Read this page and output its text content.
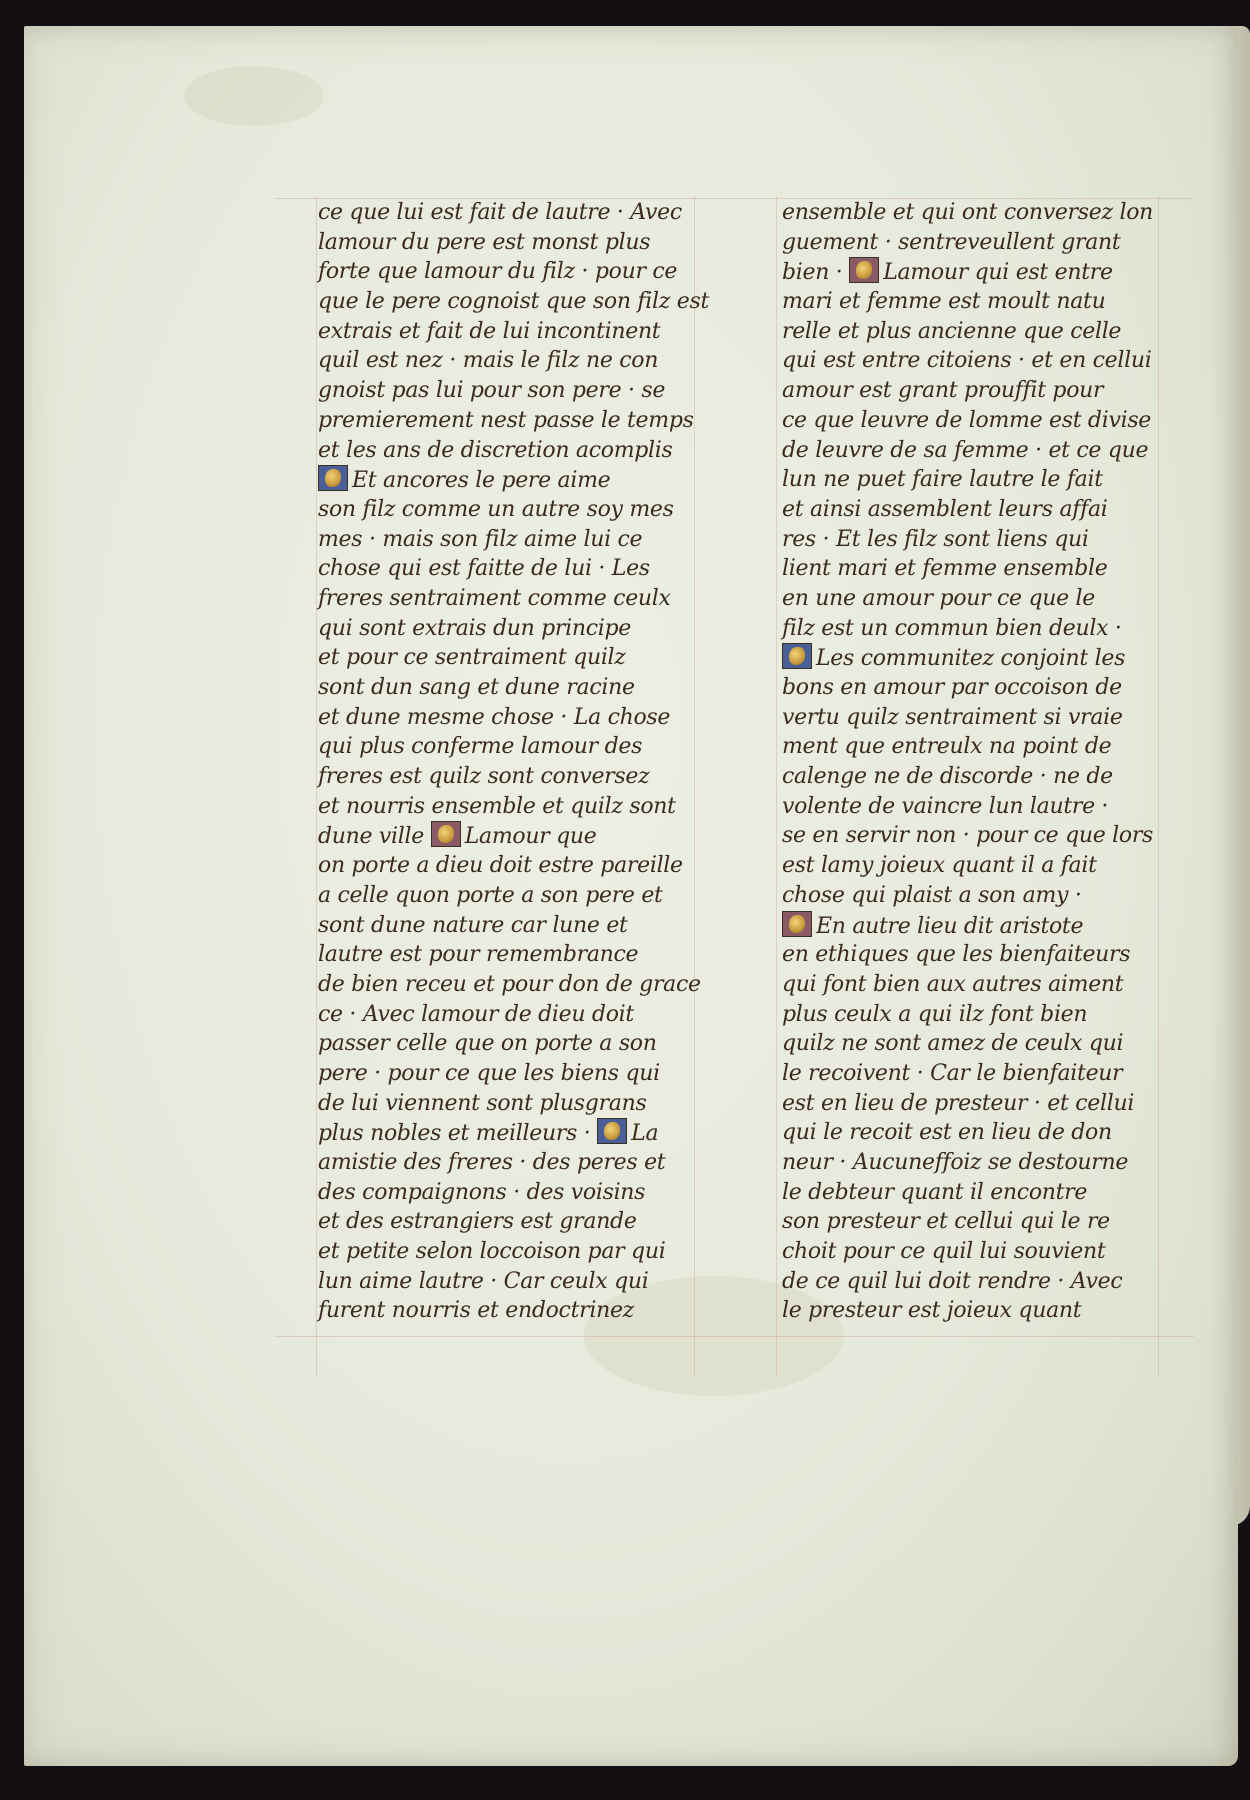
ce que lui est fait de lautre · Avec
lamour du pere est monst plus
forte que lamour du filz · pour ce
que le pere cognoist que son filz est
extrais et fait de lui incontinent
quil est nez · mais le filz ne con
gnoist pas lui pour son pere · se
premierement nest passe le temps
et les ans de discretion acomplis
Et ancores le pere aime
son filz comme un autre soy mes
mes · mais son filz aime lui ce
chose qui est faitte de lui · Les
freres sentraiment comme ceulx
qui sont extrais dun principe
et pour ce sentraiment quilz
sont dun sang et dune racine
et dune mesme chose · La chose
qui plus conferme lamour des
freres est quilz sont conversez
et nourris ensemble et quilz sont
dune ville Lamour que
on porte a dieu doit estre pareille
a celle quon porte a son pere et
sont dune nature car lune et
lautre est pour remembrance
de bien receu et pour don de grace
ce · Avec lamour de dieu doit
passer celle que on porte a son
pere · pour ce que les biens qui
de lui viennent sont plusgrans
plus nobles et meilleurs · La
amistie des freres · des peres et
des compaignons · des voisins
et des estrangiers est grande
et petite selon loccoison par qui
lun aime lautre · Car ceulx qui
furent nourris et endoctrinez
ensemble et qui ont conversez lon
guement · sentreveullent grant
bien · Lamour qui est entre
mari et femme est moult natu
relle et plus ancienne que celle
qui est entre citoiens · et en cellui
amour est grant prouffit pour
ce que leuvre de lomme est divise
de leuvre de sa femme · et ce que
lun ne puet faire lautre le fait
et ainsi assemblent leurs affai
res · Et les filz sont liens qui
lient mari et femme ensemble
en une amour pour ce que le
filz est un commun bien deulx ·
Les communitez conjoint les
bons en amour par occoison de
vertu quilz sentraiment si vraie
ment que entreulx na point de
calenge ne de discorde · ne de
volente de vaincre lun lautre ·
se en servir non · pour ce que lors
est lamy joieux quant il a fait
chose qui plaist a son amy ·
En autre lieu dit aristote
en ethiques que les bienfaiteurs
qui font bien aux autres aiment
plus ceulx a qui ilz font bien
quilz ne sont amez de ceulx qui
le recoivent · Car le bienfaiteur
est en lieu de presteur · et cellui
qui le recoit est en lieu de don
neur · Aucuneffoiz se destourne
le debteur quant il encontre
son presteur et cellui qui le re
choit pour ce quil lui souvient
de ce quil lui doit rendre · Avec
le presteur est joieux quant
